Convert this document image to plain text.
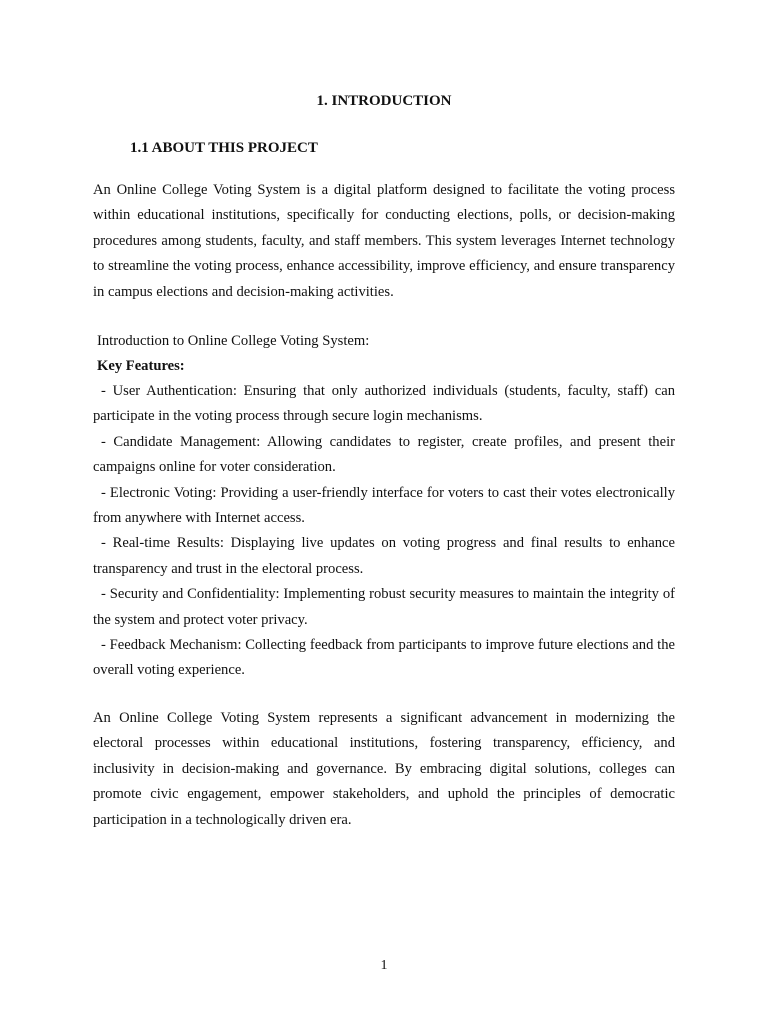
1. INTRODUCTION
1.1 ABOUT THIS PROJECT

An Online College Voting System is a digital platform designed to facilitate the voting process within educational institutions, specifically for conducting elections, polls, or decision-making procedures among students, faculty, and staff members. This system leverages Internet technology to streamline the voting process, enhance accessibility, improve efficiency, and ensure transparency in campus elections and decision-making activities.

Introduction to Online College Voting System:
Key Features:
- User Authentication: Ensuring that only authorized individuals (students, faculty, staff) can participate in the voting process through secure login mechanisms.
- Candidate Management: Allowing candidates to register, create profiles, and present their campaigns online for voter consideration.
- Electronic Voting: Providing a user-friendly interface for voters to cast their votes electronically from anywhere with Internet access.
- Real-time Results: Displaying live updates on voting progress and final results to enhance transparency and trust in the electoral process.
- Security and Confidentiality: Implementing robust security measures to maintain the integrity of the system and protect voter privacy.
- Feedback Mechanism: Collecting feedback from participants to improve future elections and the overall voting experience.

An Online College Voting System represents a significant advancement in modernizing the electoral processes within educational institutions, fostering transparency, efficiency, and inclusivity in decision-making and governance. By embracing digital solutions, colleges can promote civic engagement, empower stakeholders, and uphold the principles of democratic participation in a technologically driven era.

1
